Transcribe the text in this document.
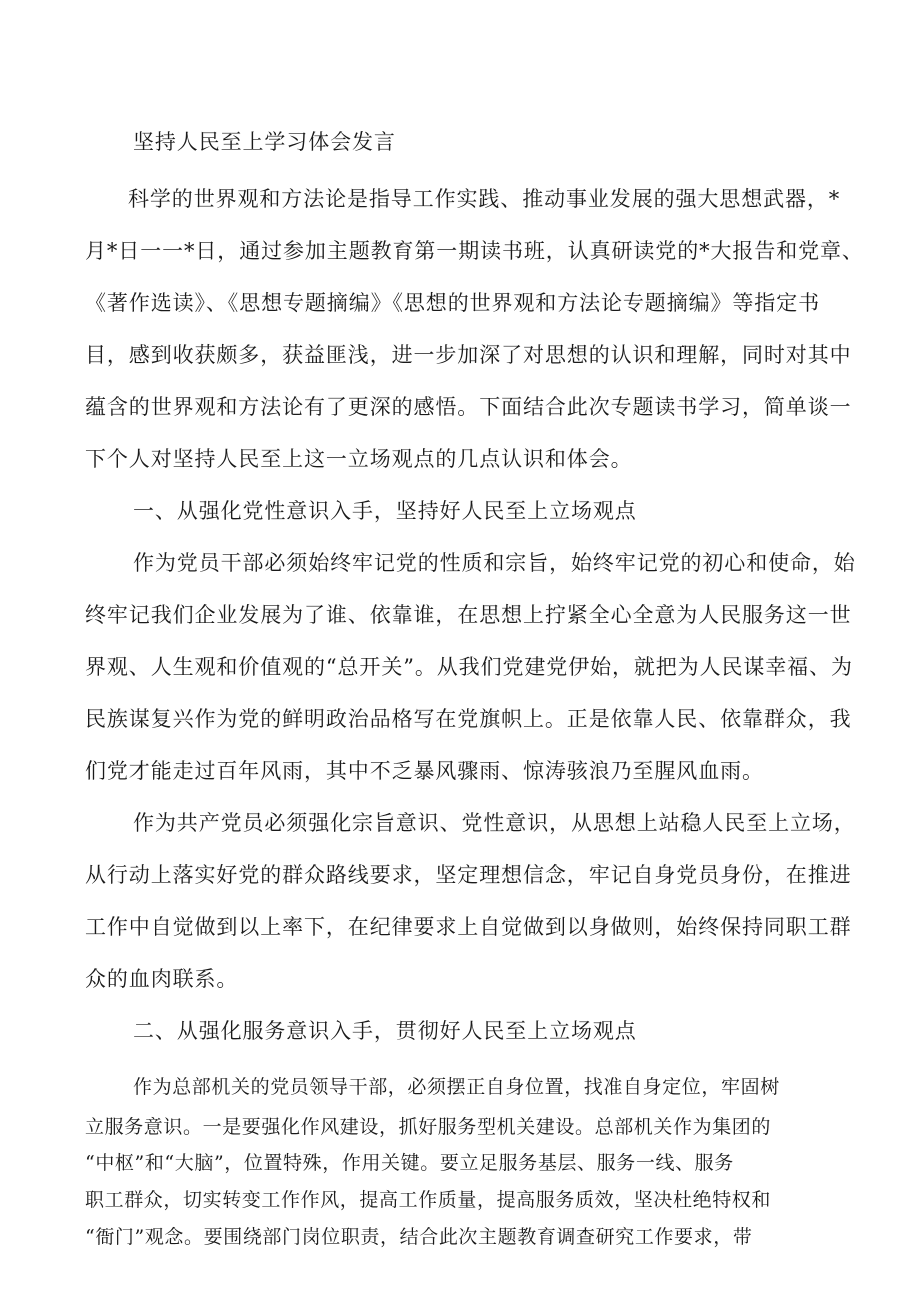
坚持人民至上学习体会发言
科学的世界观和方法论是指导工作实践、推动事业发展的强大思想武器，*
月*日一一*日，通过参加主题教育第一期读书班，认真研读党的*大报告和党章、
《著作选读》、《思想专题摘编》《思想的世界观和方法论专题摘编》等指定书
目，感到收获颇多，获益匪浅，进一步加深了对思想的认识和理解，同时对其中
蕴含的世界观和方法论有了更深的感悟。下面结合此次专题读书学习，简单谈一
下个人对坚持人民至上这一立场观点的几点认识和体会。
一、从强化党性意识入手，坚持好人民至上立场观点
作为党员干部必须始终牢记党的性质和宗旨，始终牢记党的初心和使命，始
终牢记我们企业发展为了谁、依靠谁，在思想上拧紧全心全意为人民服务这一世
界观、人生观和价值观的“总开关”。从我们党建党伊始，就把为人民谋幸福、为
民族谋复兴作为党的鲜明政治品格写在党旗帜上。正是依靠人民、依靠群众，我
们党才能走过百年风雨，其中不乏暴风骤雨、惊涛骇浪乃至腥风血雨。
作为共产党员必须强化宗旨意识、党性意识，从思想上站稳人民至上立场，
从行动上落实好党的群众路线要求，坚定理想信念，牢记自身党员身份，在推进
工作中自觉做到以上率下，在纪律要求上自觉做到以身做则，始终保持同职工群
众的血肉联系。
二、从强化服务意识入手，贯彻好人民至上立场观点
作为总部机关的党员领导干部，必须摆正自身位置，找准自身定位，牢固树
立服务意识。一是要强化作风建设，抓好服务型机关建设。总部机关作为集团的
“中枢”和“大脑”，位置特殊，作用关键。要立足服务基层、服务一线、服务
职工群众，切实转变工作作风，提高工作质量，提高服务质效，坚决杜绝特权和
“衙门”观念。要围绕部门岗位职责，结合此次主题教育调查研究工作要求，带
